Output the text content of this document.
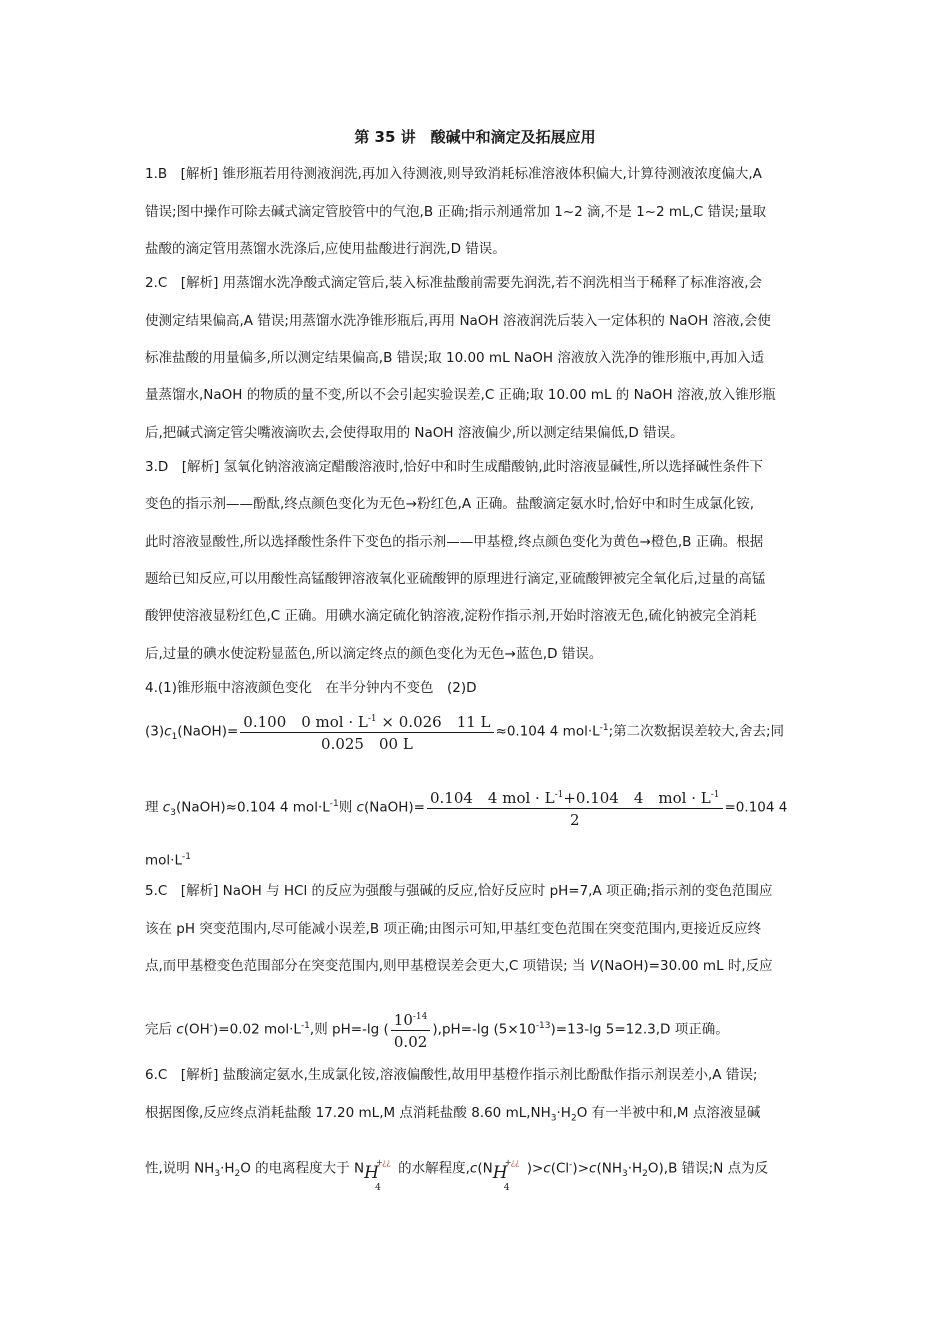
第 35 讲　酸碱中和滴定及拓展应用
1.B　[解析] 锥形瓶若用待测液润洗,再加入待测液,则导致消耗标准溶液体积偏大,计算待测液浓度偏大,A
错误;图中操作可除去碱式滴定管胶管中的气泡,B 正确;指示剂通常加 1~2 滴,不是 1~2 mL,C 错误;量取
盐酸的滴定管用蒸馏水洗涤后,应使用盐酸进行润洗,D 错误。
2.C　[解析] 用蒸馏水洗净酸式滴定管后,装入标准盐酸前需要先润洗,若不润洗相当于稀释了标准溶液,会
使测定结果偏高,A 错误;用蒸馏水洗净锥形瓶后,再用 NaOH 溶液润洗后装入一定体积的 NaOH 溶液,会使
标准盐酸的用量偏多,所以测定结果偏高,B 错误;取 10.00 mL NaOH 溶液放入洗净的锥形瓶中,再加入适
量蒸馏水,NaOH 的物质的量不变,所以不会引起实验误差,C 正确;取 10.00 mL 的 NaOH 溶液,放入锥形瓶
后,把碱式滴定管尖嘴液滴吹去,会使得取用的 NaOH 溶液偏少,所以测定结果偏低,D 错误。
3.D　[解析] 氢氧化钠溶液滴定醋酸溶液时,恰好中和时生成醋酸钠,此时溶液显碱性,所以选择碱性条件下
变色的指示剂——酚酞,终点颜色变化为无色→粉红色,A 正确。盐酸滴定氨水时,恰好中和时生成氯化铵,
此时溶液显酸性,所以选择酸性条件下变色的指示剂——甲基橙,终点颜色变化为黄色→橙色,B 正确。根据
题给已知反应,可以用酸性高锰酸钾溶液氧化亚硫酸钾的原理进行滴定,亚硫酸钾被完全氧化后,过量的高锰
酸钾使溶液显粉红色,C 正确。用碘水滴定硫化钠溶液,淀粉作指示剂,开始时溶液无色,硫化钠被完全消耗
后,过量的碘水使淀粉显蓝色,所以滴定终点的颜色变化为无色→蓝色,D 错误。
4.(1)锥形瓶中溶液颜色变化　在半分钟内不变色　(2)D
$(3)c_1(NaOH)= \frac{0.100 0 mol \cdot L^{-1} \times 0.026 11 L}{0.025 00 L} \approx 0.104$ 4 $mol\cdot L^{-1}$;第二次数据误差较大,舍去;同
理 $c_3(NaOH)\approx 0.104$ 4 $mol\cdot L^{-1}$则 c(NaOH)= $\frac{0.104 4 mol \cdot L^{-1}+0.104 4 mol \cdot L^{-1}}{2} =0.104$ 4
$mol\cdot L^{-1}$
5.C　[解析] NaOH 与 HCl 的反应为强酸与强碱的反应,恰好反应时 pH=7,A 项正确;指示剂的变色范围应
该在 pH 突变范围内,尽可能减小误差,B 项正确;由图示可知,甲基红变色范围在突变范围内,更接近反应终
点,而甲基橙变色范围部分在突变范围内,则甲基橙误差会更大,C 项错误; 当 V(NaOH)=30.00 mL 时,反应
完后 c(OH-)=0.02 $mol\cdot L^{-1}$,则 pH=-lg ( $\frac{10^{-14}}{0.02} ),pH=-\lg$ $(5\times 10^{-13})=13-\lg$ 5=12.3,D 项正确。
6.C　[解析] 盐酸滴定氨水,生成氯化铵,溶液偏酸性,故用甲基橙作指示剂比酚酞作指示剂误差小,A 错误;
根据图像,反应终点消耗盐酸 17.20 mL,M 点消耗盐酸 8.60 $mL,NH_3\cdot H_2O$ 有一半被中和,M 点溶液显碱
性,说明 $NH_3\cdot H_2O$ 的电离程度大于 N H
4
+ ¿¿ 的水解程度,c(N H
4
+ ¿¿ )$>c(Cl^-)>c(NH_3\cdot H_2O),B$ 错误;N 点为反
